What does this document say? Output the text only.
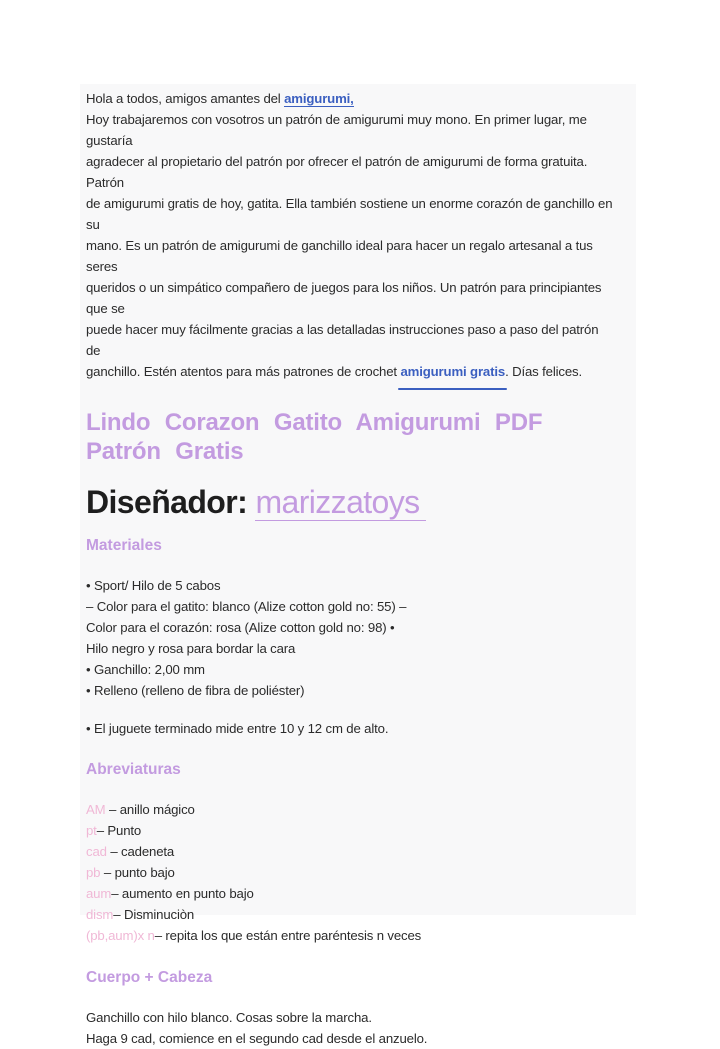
Hola a todos, amigos amantes del amigurumi,

Hoy trabajaremos con vosotros un patrón de amigurumi muy mono. En primer lugar, me gustaría

agradecer al propietario del patrón por ofrecer el patrón de amigurumi de forma gratuita. Patrón

de amigurumi gratis de hoy, gatita. Ella también sostiene un enorme corazón de ganchillo en su

mano. Es un patrón de amigurumi de ganchillo ideal para hacer un regalo artesanal a tus seres

queridos o un simpático compañero de juegos para los niños. Un patrón para principiantes que se

puede hacer muy fácilmente gracias a las detalladas instrucciones paso a paso del patrón de

ganchillo. Estén atentos para más patrones de crochet amigurumi gratis. Días felices.

Lindo Corazon Gatito Amigurumi PDF Patrón Gratis
Diseñador: marizzatoys
Materiales
• Sport/ Hilo de 5 cabos
– Color para el gatito: blanco (Alize cotton gold no: 55) –
Color para el corazón: rosa (Alize cotton gold no: 98) •
Hilo negro y rosa para bordar la cara
• Ganchillo: 2,00 mm
• Relleno (relleno de fibra de poliéster)
• El juguete terminado mide entre 10 y 12 cm de alto.
Abreviaturas
AM – anillo mágico
pt– Punto
cad – cadeneta
pb – punto bajo
aum– aumento en punto bajo
dism– Disminuciòn
(pb,aum)x n– repita los que están entre paréntesis n veces
Cuerpo + Cabeza
Ganchillo con hilo blanco. Cosas sobre la marcha.
Haga 9 cad, comience en el segundo cad desde el anzuelo.
